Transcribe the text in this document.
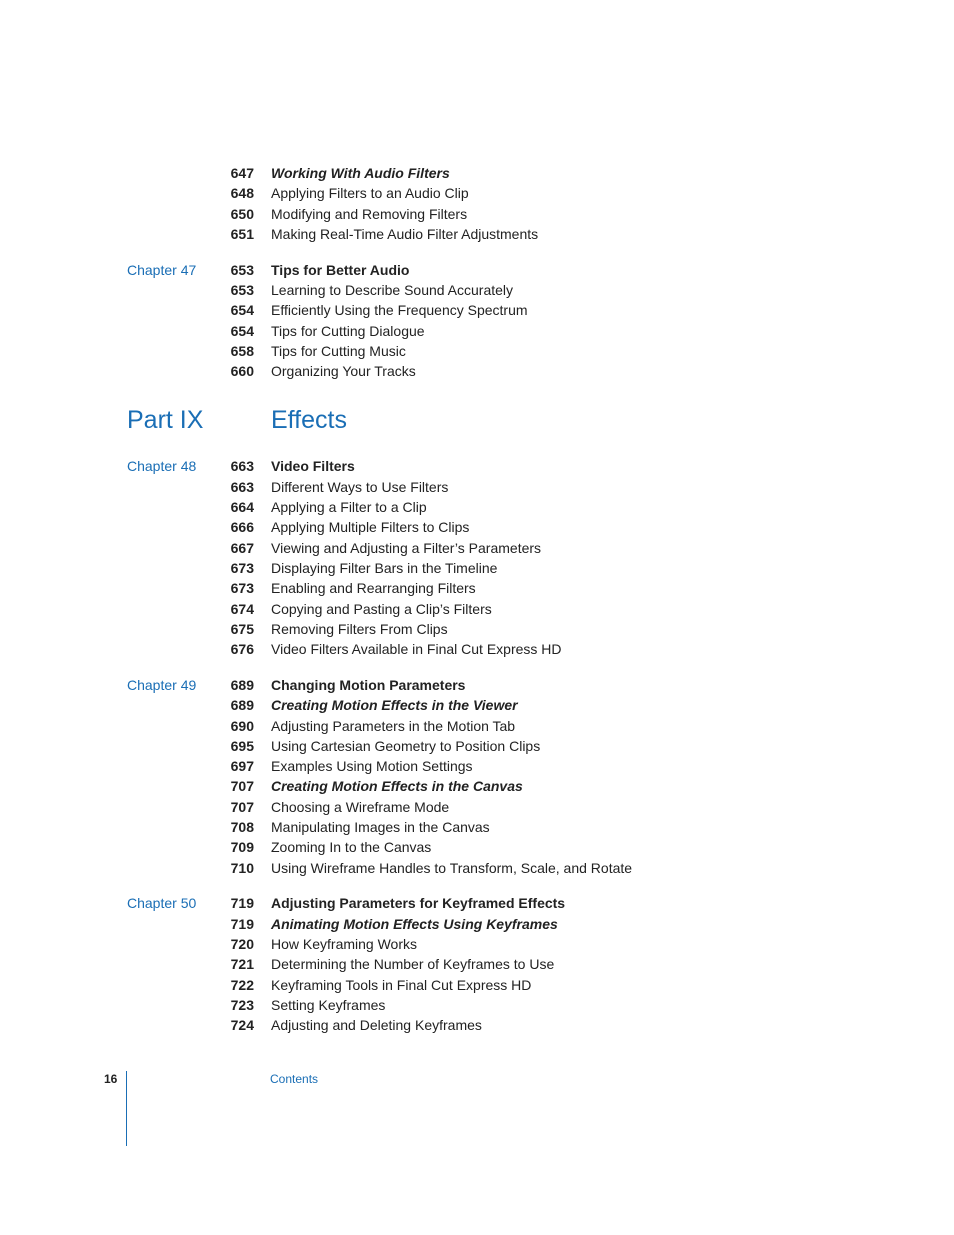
647 Working With Audio Filters
648 Applying Filters to an Audio Clip
650 Modifying and Removing Filters
651 Making Real-Time Audio Filter Adjustments
Chapter 47	653 Tips for Better Audio
653 Learning to Describe Sound Accurately
654 Efficiently Using the Frequency Spectrum
654 Tips for Cutting Dialogue
658 Tips for Cutting Music
660 Organizing Your Tracks
Part IX	Effects
Chapter 48	663 Video Filters
663 Different Ways to Use Filters
664 Applying a Filter to a Clip
666 Applying Multiple Filters to Clips
667 Viewing and Adjusting a Filter’s Parameters
673 Displaying Filter Bars in the Timeline
673 Enabling and Rearranging Filters
674 Copying and Pasting a Clip’s Filters
675 Removing Filters From Clips
676 Video Filters Available in Final Cut Express HD
Chapter 49	689 Changing Motion Parameters
689 Creating Motion Effects in the Viewer
690 Adjusting Parameters in the Motion Tab
695 Using Cartesian Geometry to Position Clips
697 Examples Using Motion Settings
707 Creating Motion Effects in the Canvas
707 Choosing a Wireframe Mode
708 Manipulating Images in the Canvas
709 Zooming In to the Canvas
710 Using Wireframe Handles to Transform, Scale, and Rotate
Chapter 50	719 Adjusting Parameters for Keyframed Effects
719 Animating Motion Effects Using Keyframes
720 How Keyframing Works
721 Determining the Number of Keyframes to Use
722 Keyframing Tools in Final Cut Express HD
723 Setting Keyframes
724 Adjusting and Deleting Keyframes
16	Contents
